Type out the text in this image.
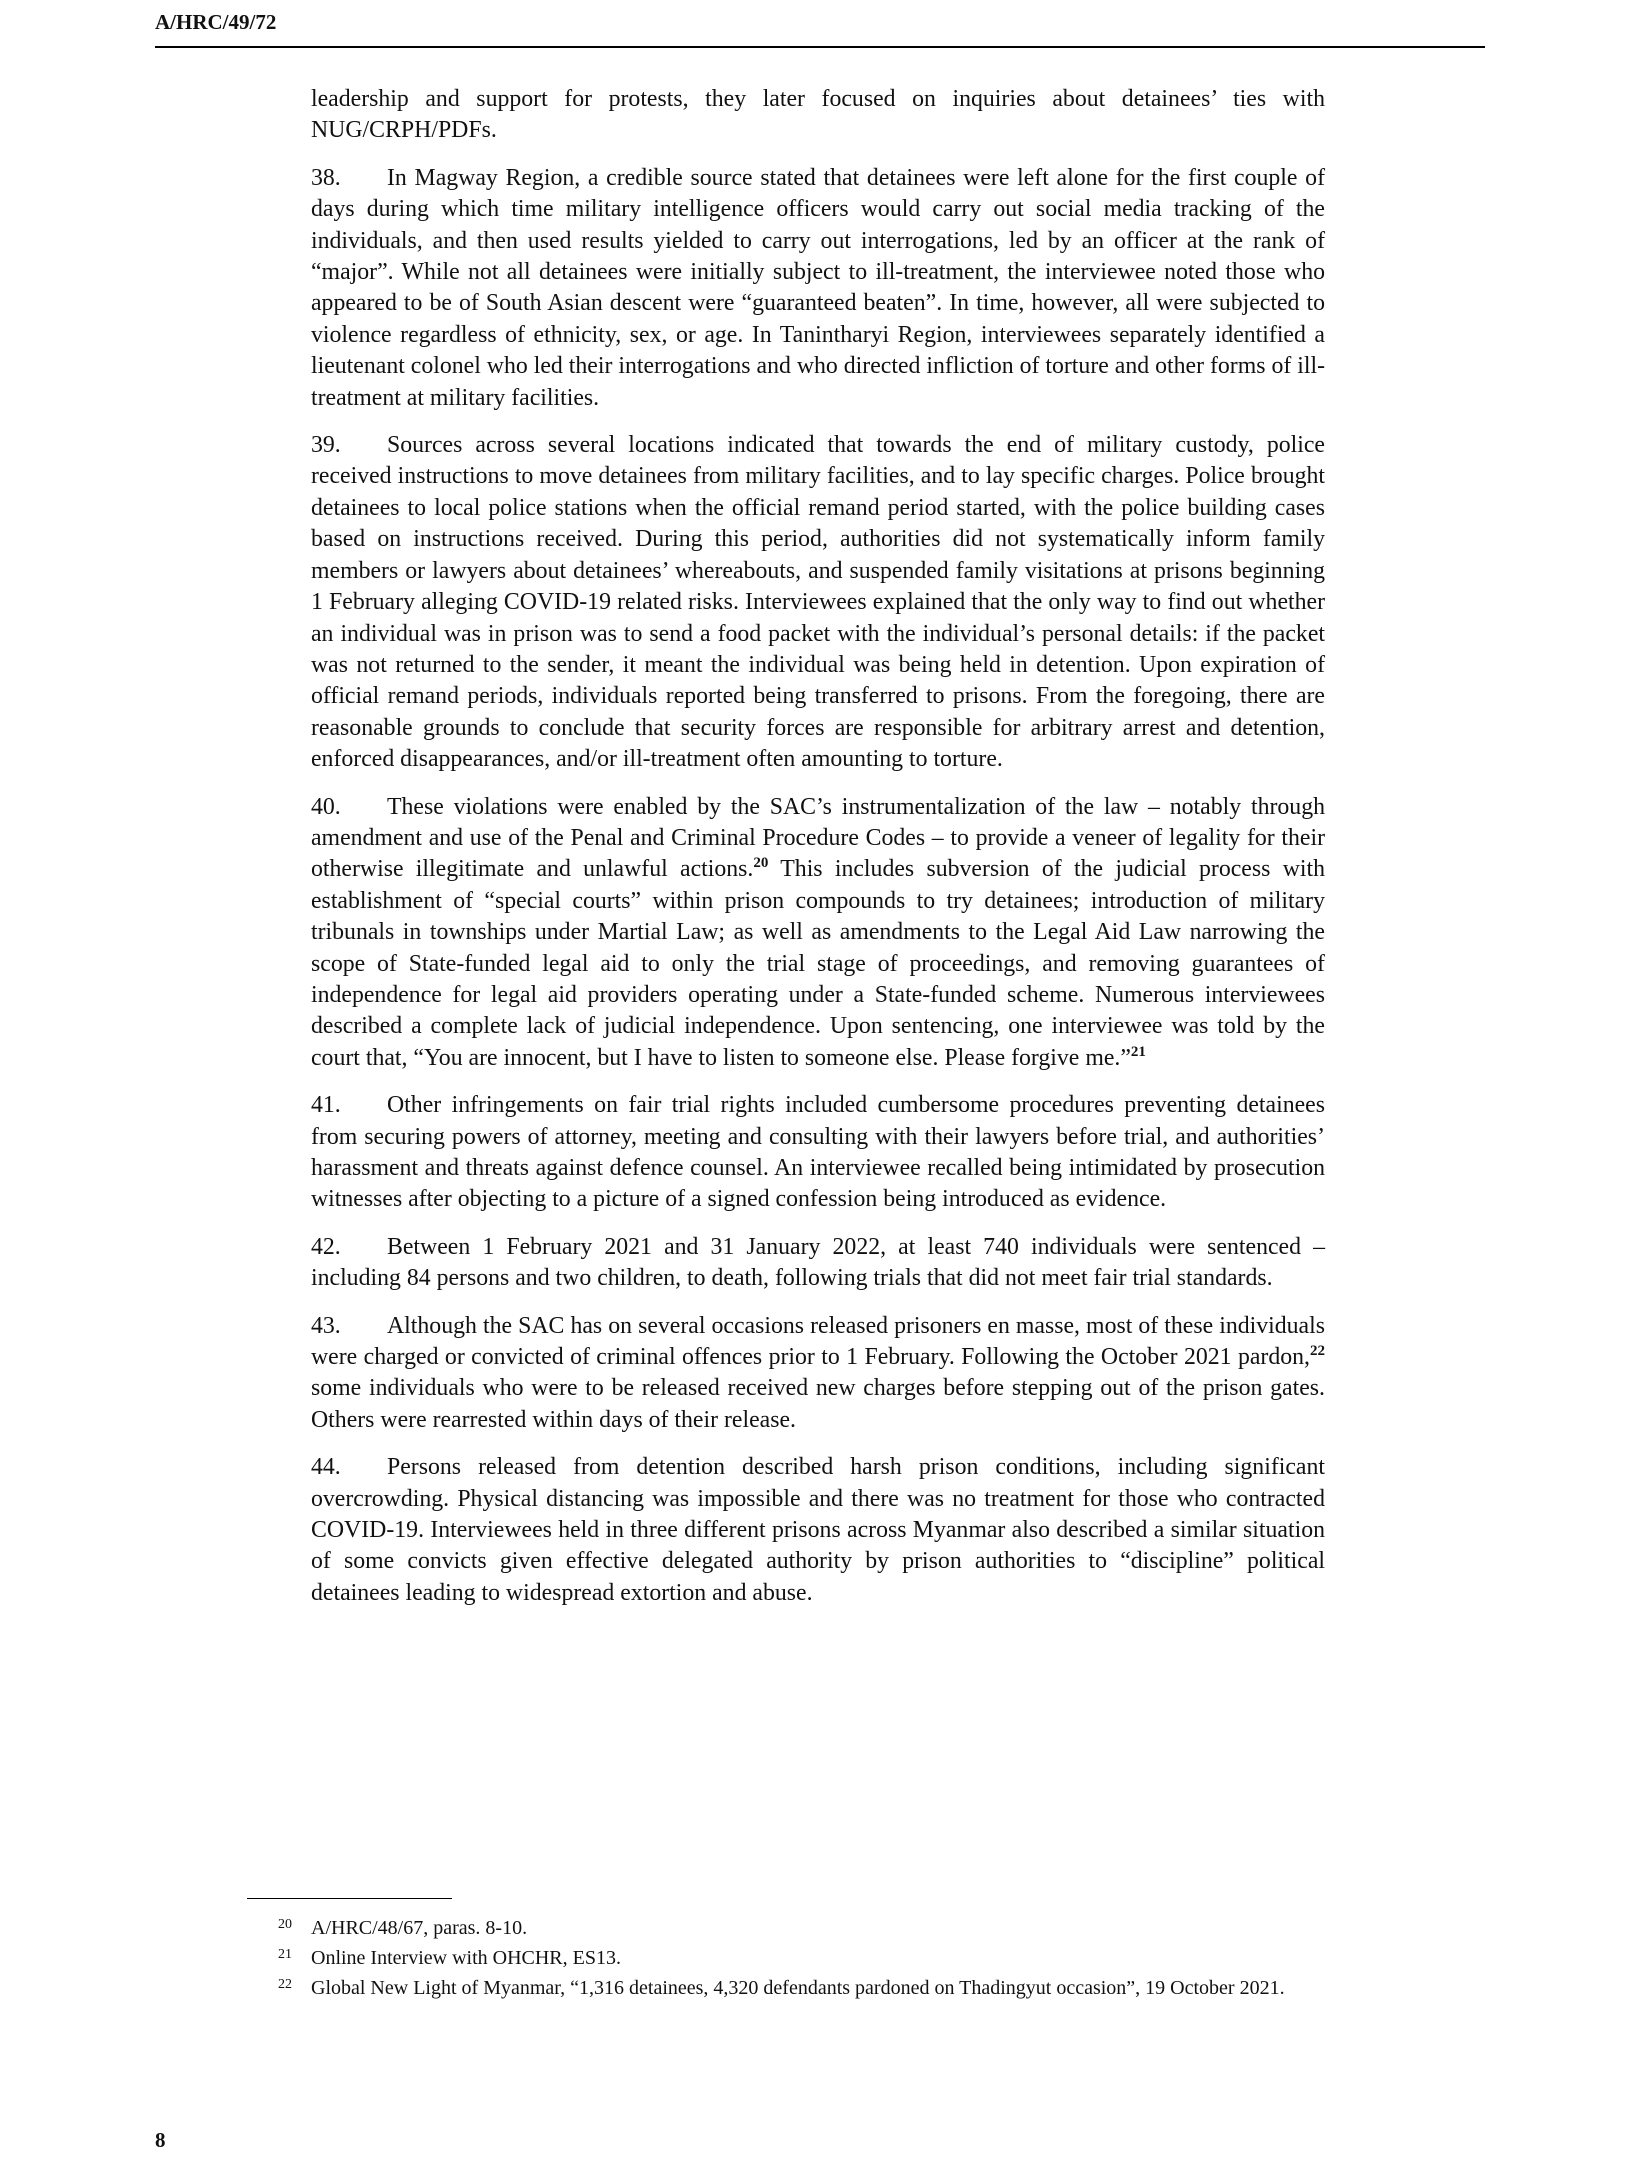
A/HRC/49/72

leadership and support for protests, they later focused on inquiries about detainees’ ties with NUG/CRPH/PDFs.

38. In Magway Region, a credible source stated that detainees were left alone for the first couple of days during which time military intelligence officers would carry out social media tracking of the individuals, and then used results yielded to carry out interrogations, led by an officer at the rank of “major”. While not all detainees were initially subject to ill-treatment, the interviewee noted those who appeared to be of South Asian descent were “guaranteed beaten”. In time, however, all were subjected to violence regardless of ethnicity, sex, or age. In Tanintharyi Region, interviewees separately identified a lieutenant colonel who led their interrogations and who directed infliction of torture and other forms of ill-treatment at military facilities.

39. Sources across several locations indicated that towards the end of military custody, police received instructions to move detainees from military facilities, and to lay specific charges. Police brought detainees to local police stations when the official remand period started, with the police building cases based on instructions received. During this period, authorities did not systematically inform family members or lawyers about detainees’ whereabouts, and suspended family visitations at prisons beginning 1 February alleging COVID-19 related risks. Interviewees explained that the only way to find out whether an individual was in prison was to send a food packet with the individual’s personal details: if the packet was not returned to the sender, it meant the individual was being held in detention. Upon expiration of official remand periods, individuals reported being transferred to prisons. From the foregoing, there are reasonable grounds to conclude that security forces are responsible for arbitrary arrest and detention, enforced disappearances, and/or ill-treatment often amounting to torture.

40. These violations were enabled by the SAC’s instrumentalization of the law – notably through amendment and use of the Penal and Criminal Procedure Codes – to provide a veneer of legality for their otherwise illegitimate and unlawful actions.$^{20}$ This includes subversion of the judicial process with establishment of “special courts” within prison compounds to try detainees; introduction of military tribunals in townships under Martial Law; as well as amendments to the Legal Aid Law narrowing the scope of State-funded legal aid to only the trial stage of proceedings, and removing guarantees of independence for legal aid providers operating under a State-funded scheme. Numerous interviewees described a complete lack of judicial independence. Upon sentencing, one interviewee was told by the court that, “You are innocent, but I have to listen to someone else. Please forgive me.”$^{21}$

41. Other infringements on fair trial rights included cumbersome procedures preventing detainees from securing powers of attorney, meeting and consulting with their lawyers before trial, and authorities’ harassment and threats against defence counsel. An interviewee recalled being intimidated by prosecution witnesses after objecting to a picture of a signed confession being introduced as evidence.

42. Between 1 February 2021 and 31 January 2022, at least 740 individuals were sentenced – including 84 persons and two children, to death, following trials that did not meet fair trial standards.

43. Although the SAC has on several occasions released prisoners en masse, most of these individuals were charged or convicted of criminal offences prior to 1 February. Following the October 2021 pardon,$^{22}$ some individuals who were to be released received new charges before stepping out of the prison gates. Others were rearrested within days of their release.

44. Persons released from detention described harsh prison conditions, including significant overcrowding. Physical distancing was impossible and there was no treatment for those who contracted COVID-19. Interviewees held in three different prisons across Myanmar also described a similar situation of some convicts given effective delegated authority by prison authorities to “discipline” political detainees leading to widespread extortion and abuse.

20 A/HRC/48/67, paras. 8-10.
21 Online Interview with OHCHR, ES13.
22 Global New Light of Myanmar, “1,316 detainees, 4,320 defendants pardoned on Thadingyut occasion”, 19 October 2021.
8
